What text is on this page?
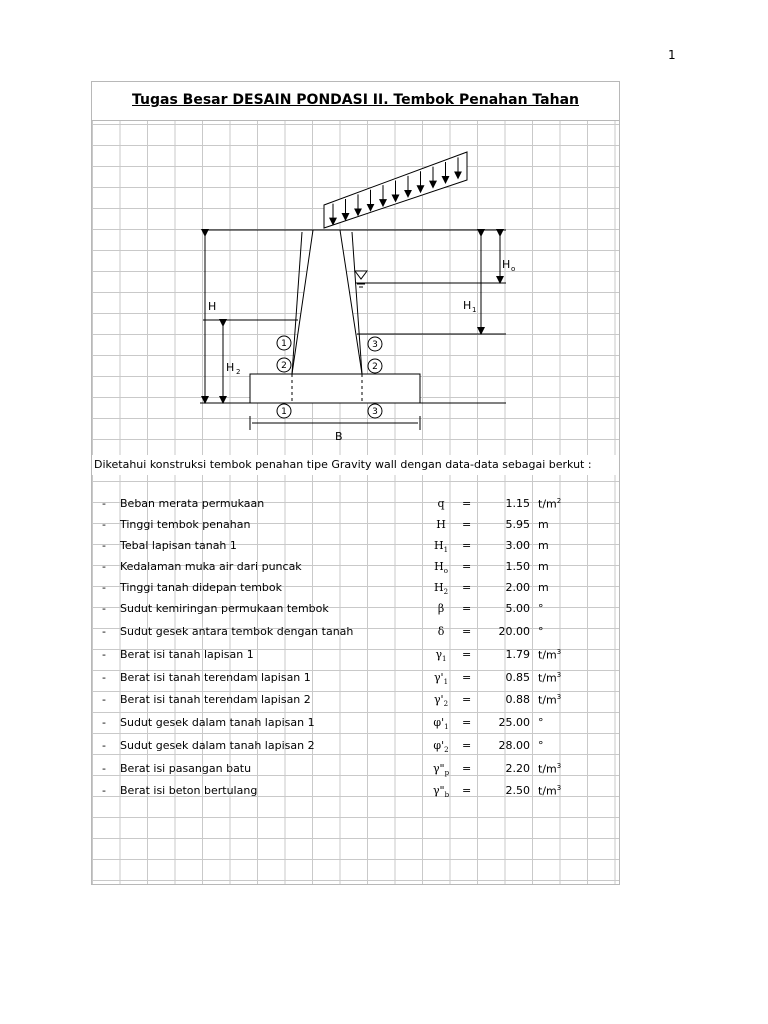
1
Tugas Besar DESAIN PONDASI II. Tembok Penahan Tahan
1
2
1
3
2
3
H
H 2
H o
H 1
B
Diketahui konstruksi tembok penahan tipe Gravity wall dengan data-data sebagai berkut :
- Beban merata permukaan	q	=	1.15 $t/m^2$
- Tinggi tembok penahan	H	=	5.95 m
- Tebal lapisan tanah 1	$H_1$	=	3.00 m
- Kedalaman muka air dari puncak	$H_o$	=	1.50 m
- Tinggi tanah didepan tembok	$H_2$	=	2.00 m
- Sudut kemiringan permukaan tembok	β	=	5.00 °
- Sudut gesek antara tembok dengan tanah	δ	=	20.00 °
- Berat isi tanah lapisan 1	$\gamma_1$	=	1.79 $t/m^3$
- Berat isi tanah terendam lapisan 1	$\gamma'_1$	=	0.85 $t/m^3$
- Berat isi tanah terendam lapisan 2	$\gamma'_2$	=	0.88 $t/m^3$
- Sudut gesek dalam tanah lapisan 1	$\varphi'_1$	=	25.00 °
- Sudut gesek dalam tanah lapisan 2	$\varphi'_2$	=	28.00 °
- Berat isi pasangan batu	$\gamma"_p$ =	2.20 $t/m^3$
- Berat isi beton bertulang	$\gamma"_b$ =	2.50 $t/m^3$
